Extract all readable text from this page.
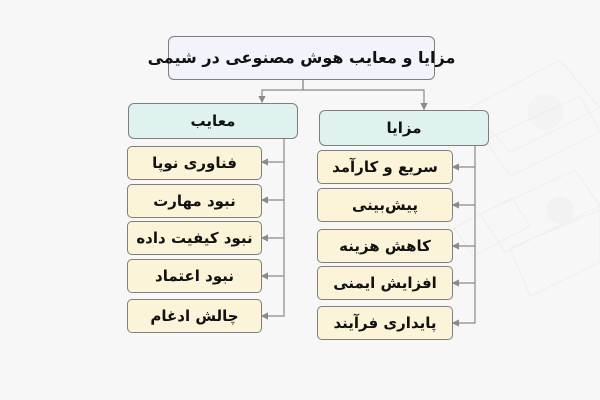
مزایا و معایب هوش مصنوعی در شیمی
معایب	مزایا
فناوری نوپا
نبود مهارت
نبود کیفیت داده
نبود اعتماد
چالش ادغام
سریع و کارآمد
پیش‌بینی
کاهش هزینه
افزایش ایمنی
پایداری فرآیند
